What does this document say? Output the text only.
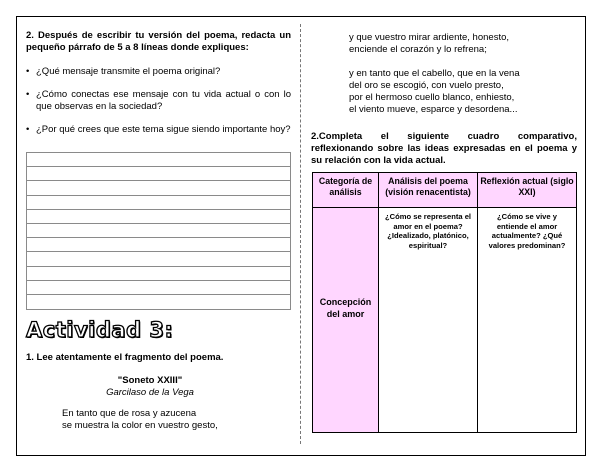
2. Después de escribir tu versión del poema, redacta un pequeño párrafo de 5 a 8 líneas donde expliques:
• ¿Qué mensaje transmite el poema original?
• ¿Cómo conectas ese mensaje con tu vida actual o con lo que observas en la sociedad?
• ¿Por qué crees que este tema sigue siendo importante hoy?
Actividad 3:
1. Lee atentamente el fragmento del poema.
"Soneto XXIII"
Garcilaso de la Vega
En tanto que de rosa y azucena
se muestra la color en vuestro gesto,
y que vuestro mirar ardiente, honesto,
enciende el corazón y lo refrena;
y en tanto que el cabello, que en la vena
del oro se escogió, con vuelo presto,
por el hermoso cuello blanco, enhiesto,
el viento mueve, esparce y desordena...
2.Completa el siguiente cuadro comparativo, reflexionando sobre las ideas expresadas en el poema y su relación con la vida actual.
Categoría de análisis	Análisis del poema (visión renacentista)	Reflexión actual (siglo XXI)
Concepción del amor	¿Cómo se representa el amor en el poema? ¿Idealizado, platónico, espiritual?	¿Cómo se vive y entiende el amor actualmente? ¿Qué valores predominan?
